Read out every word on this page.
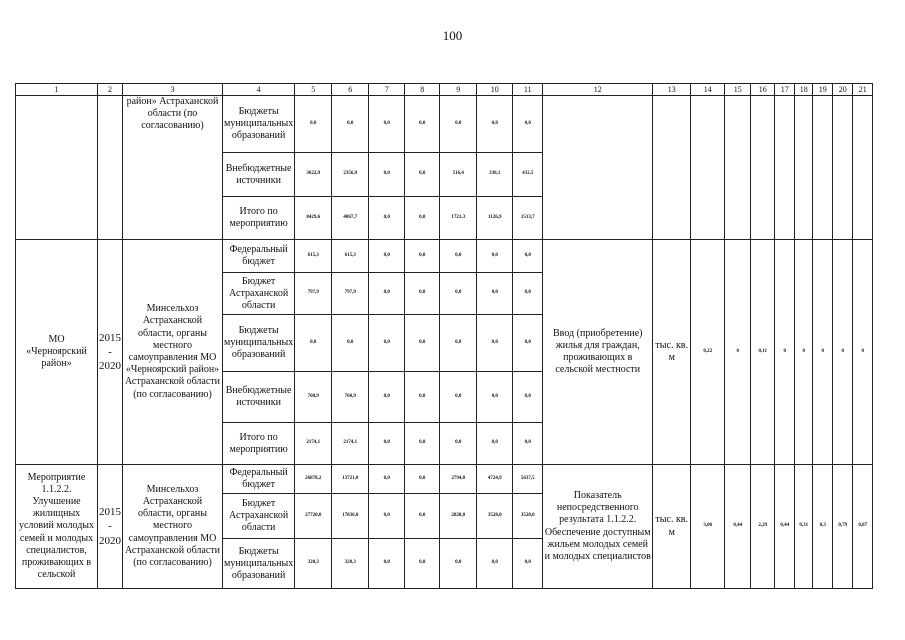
100
1	2	3	4	5	6	7	8	9	10	11	12	13	14	15	16	17	18	19	20	21
		район» Астраханской области (по согласованию)	Бюджеты муниципальных образований	0,0	0,0	0,0	0,0	0,0	0,0	0,0										
			Внебюджетные источники	3622,9	2356,9	0,0	0,0	516,4	338,1	432,5										
			Итого по мероприятию	8429,6	4067,7	0,0	0,0	1721,3	1126,9	1513,7										
МО «Черноярский район»	2015 - 2020	Минсельхоз Астраханской области, органы местного самоуправления МО «Черноярский район» Астраханской области (по согласованию)	Федеральный бюджет	615,3	615,3	0,0	0,0	0,0	0,0	0,0	Ввод (приобретение) жилья для граждан, проживающих в сельской местности	тыс. кв. м	0,22	0	0,11	0	0	0	0	0
			Бюджет Астраханской области	797,9	797,9	0,0	0,0	0,0	0,0	0,0										
			Бюджеты муниципальных образований	0,0	0,0	0,0	0,0	0,0	0,0	0,0										
			Внебюджетные источники	760,9	760,9	0,0	0,0	0,0	0,0	0,0										
			Итого по мероприятию	2174,1	2174,1	0,0	0,0	0,0	0,0	0,0										
Мероприятие 1.1.2.2. Улучшение жилищных условий молодых семей и молодых специалистов, проживающих в сельской	2015 - 2020	Минсельхоз Астраханской области, органы местного самоуправления МО Астраханской области (по согласованию)	Федеральный бюджет	26878,2	13721,0	0,0	0,0	2794,8	4724,9	5637,5	Показатель непосредственного результата 1.1.2.2. Обеспечение доступным жильем молодых семей и молодых специалистов	тыс. кв. м	3,06	0,44	2,29	0,44	0,31	0,3	0,79	0,87
			Бюджет Астраханской области	27720,0	17836,0	0,0	0,0	2828,0	3528,0	3528,0										
			Бюджеты муниципальных образований	320,3	320,3	0,0	0,0	0,0	0,0	0,0										
